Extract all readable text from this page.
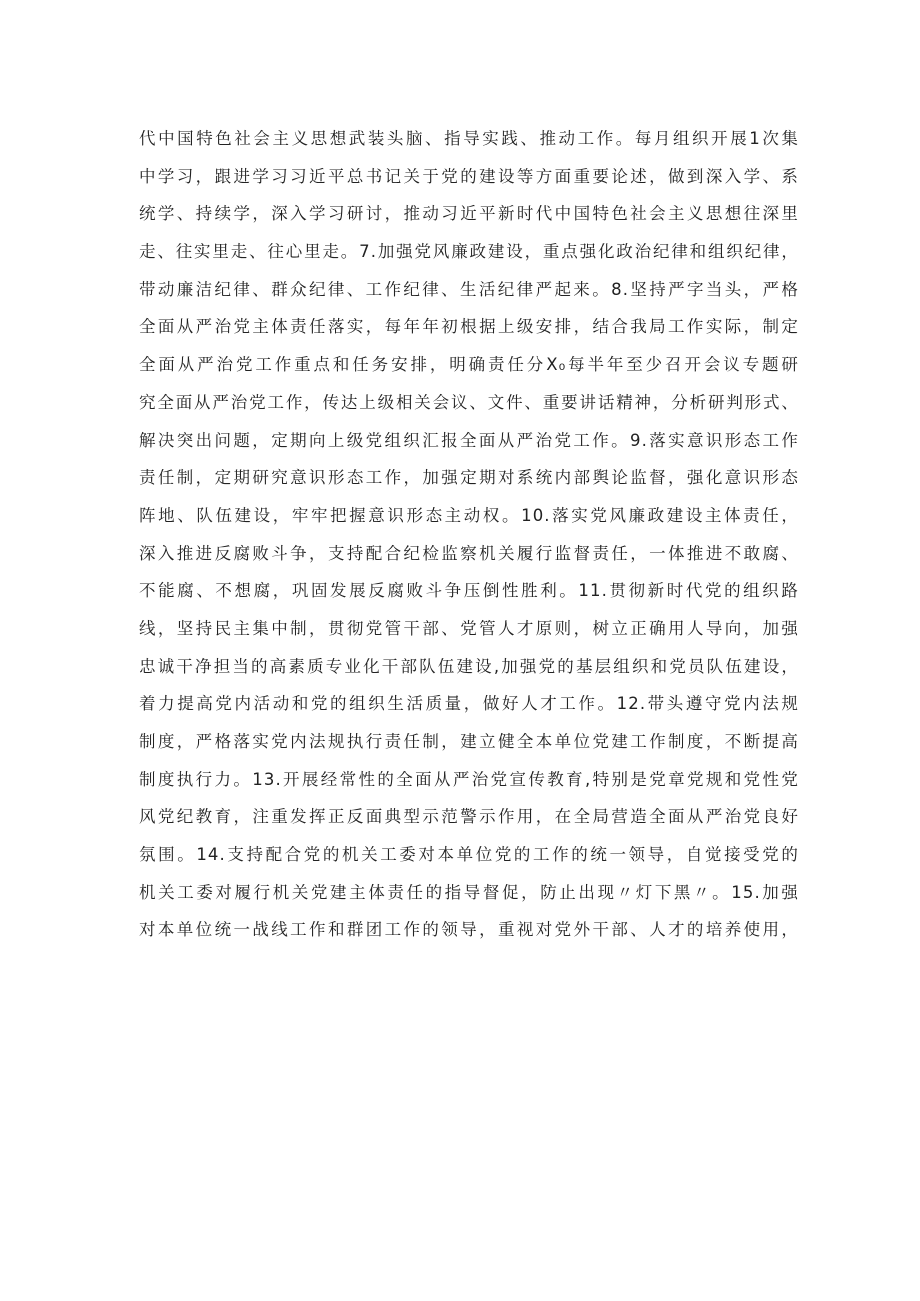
代中国特色社会主义思想武装头脑、指导实践、推动工作。每月组织开展1次集
中学习，跟进学习习近平总书记关于党的建设等方面重要论述，做到深入学、系
统学、持续学，深入学习研讨，推动习近平新时代中国特色社会主义思想往深里
走、往实里走、往心里走。7.加强党风廉政建设，重点强化政治纪律和组织纪律，
带动廉洁纪律、群众纪律、工作纪律、生活纪律严起来。8.坚持严字当头，严格
全面从严治党主体责任落实，每年年初根据上级安排，结合我局工作实际，制定
全面从严治党工作重点和任务安排，明确责任分X₀每半年至少召开会议专题研
究全面从严治党工作，传达上级相关会议、文件、重要讲话精神，分析研判形式、
解决突出问题，定期向上级党组织汇报全面从严治党工作。9.落实意识形态工作
责任制，定期研究意识形态工作，加强定期对系统内部舆论监督，强化意识形态
阵地、队伍建设，牢牢把握意识形态主动权。10.落实党风廉政建设主体责任，
深入推进反腐败斗争，支持配合纪检监察机关履行监督责任，一体推进不敢腐、
不能腐、不想腐，巩固发展反腐败斗争压倒性胜利。11.贯彻新时代党的组织路
线，坚持民主集中制，贯彻党管干部、党管人才原则，树立正确用人导向，加强
忠诚干净担当的高素质专业化干部队伍建设,加强党的基层组织和党员队伍建设，
着力提高党内活动和党的组织生活质量，做好人才工作。12.带头遵守党内法规
制度，严格落实党内法规执行责任制，建立健全本单位党建工作制度，不断提高
制度执行力。13.开展经常性的全面从严治党宣传教育,特别是党章党规和党性党
风党纪教育，注重发挥正反面典型示范警示作用，在全局营造全面从严治党良好
氛围。14.支持配合党的机关工委对本单位党的工作的统一领导，自觉接受党的
机关工委对履行机关党建主体责任的指导督促，防止出现〃灯下黑〃。15.加强
对本单位统一战线工作和群团工作的领导，重视对党外干部、人才的培养使用，
